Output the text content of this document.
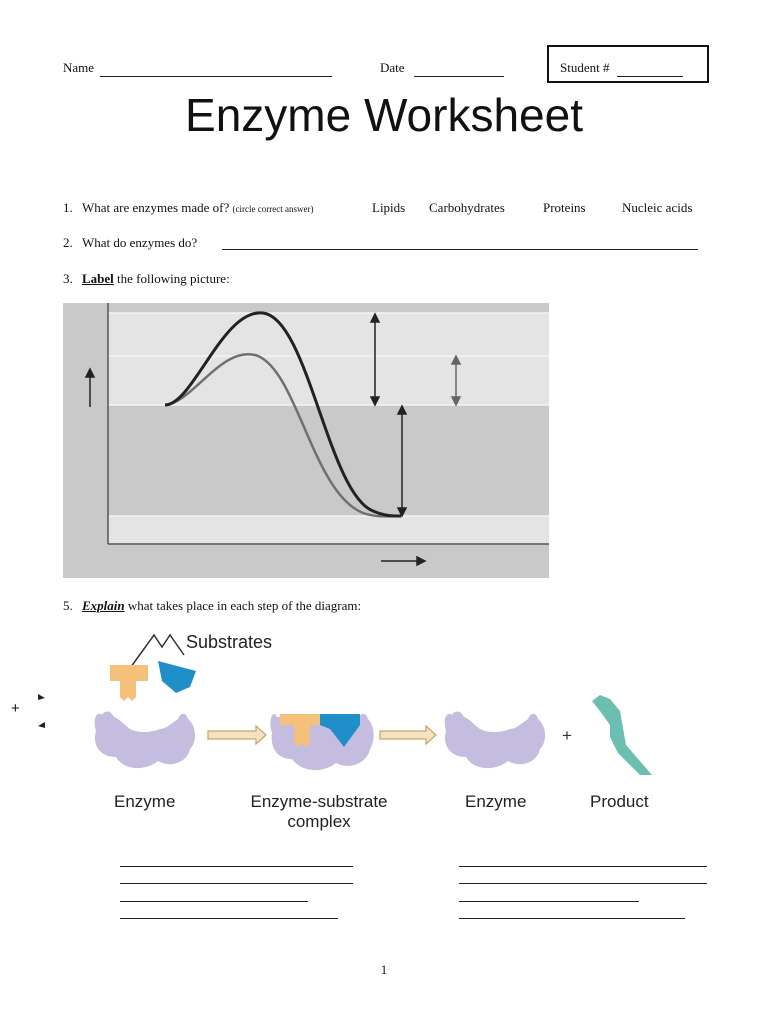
Name	Date	Student #
Enzyme Worksheet
1. What are enzymes made of? (circle correct answer)	Lipids Carbohydrates	Proteins	Nucleic acids
2. What do enzymes do?
3. Label the following picture:
5. Explain what takes place in each step of the diagram:
+
Substrates
+
Enzyme	Enzyme-substrate
complex
Enzyme	Product
1
